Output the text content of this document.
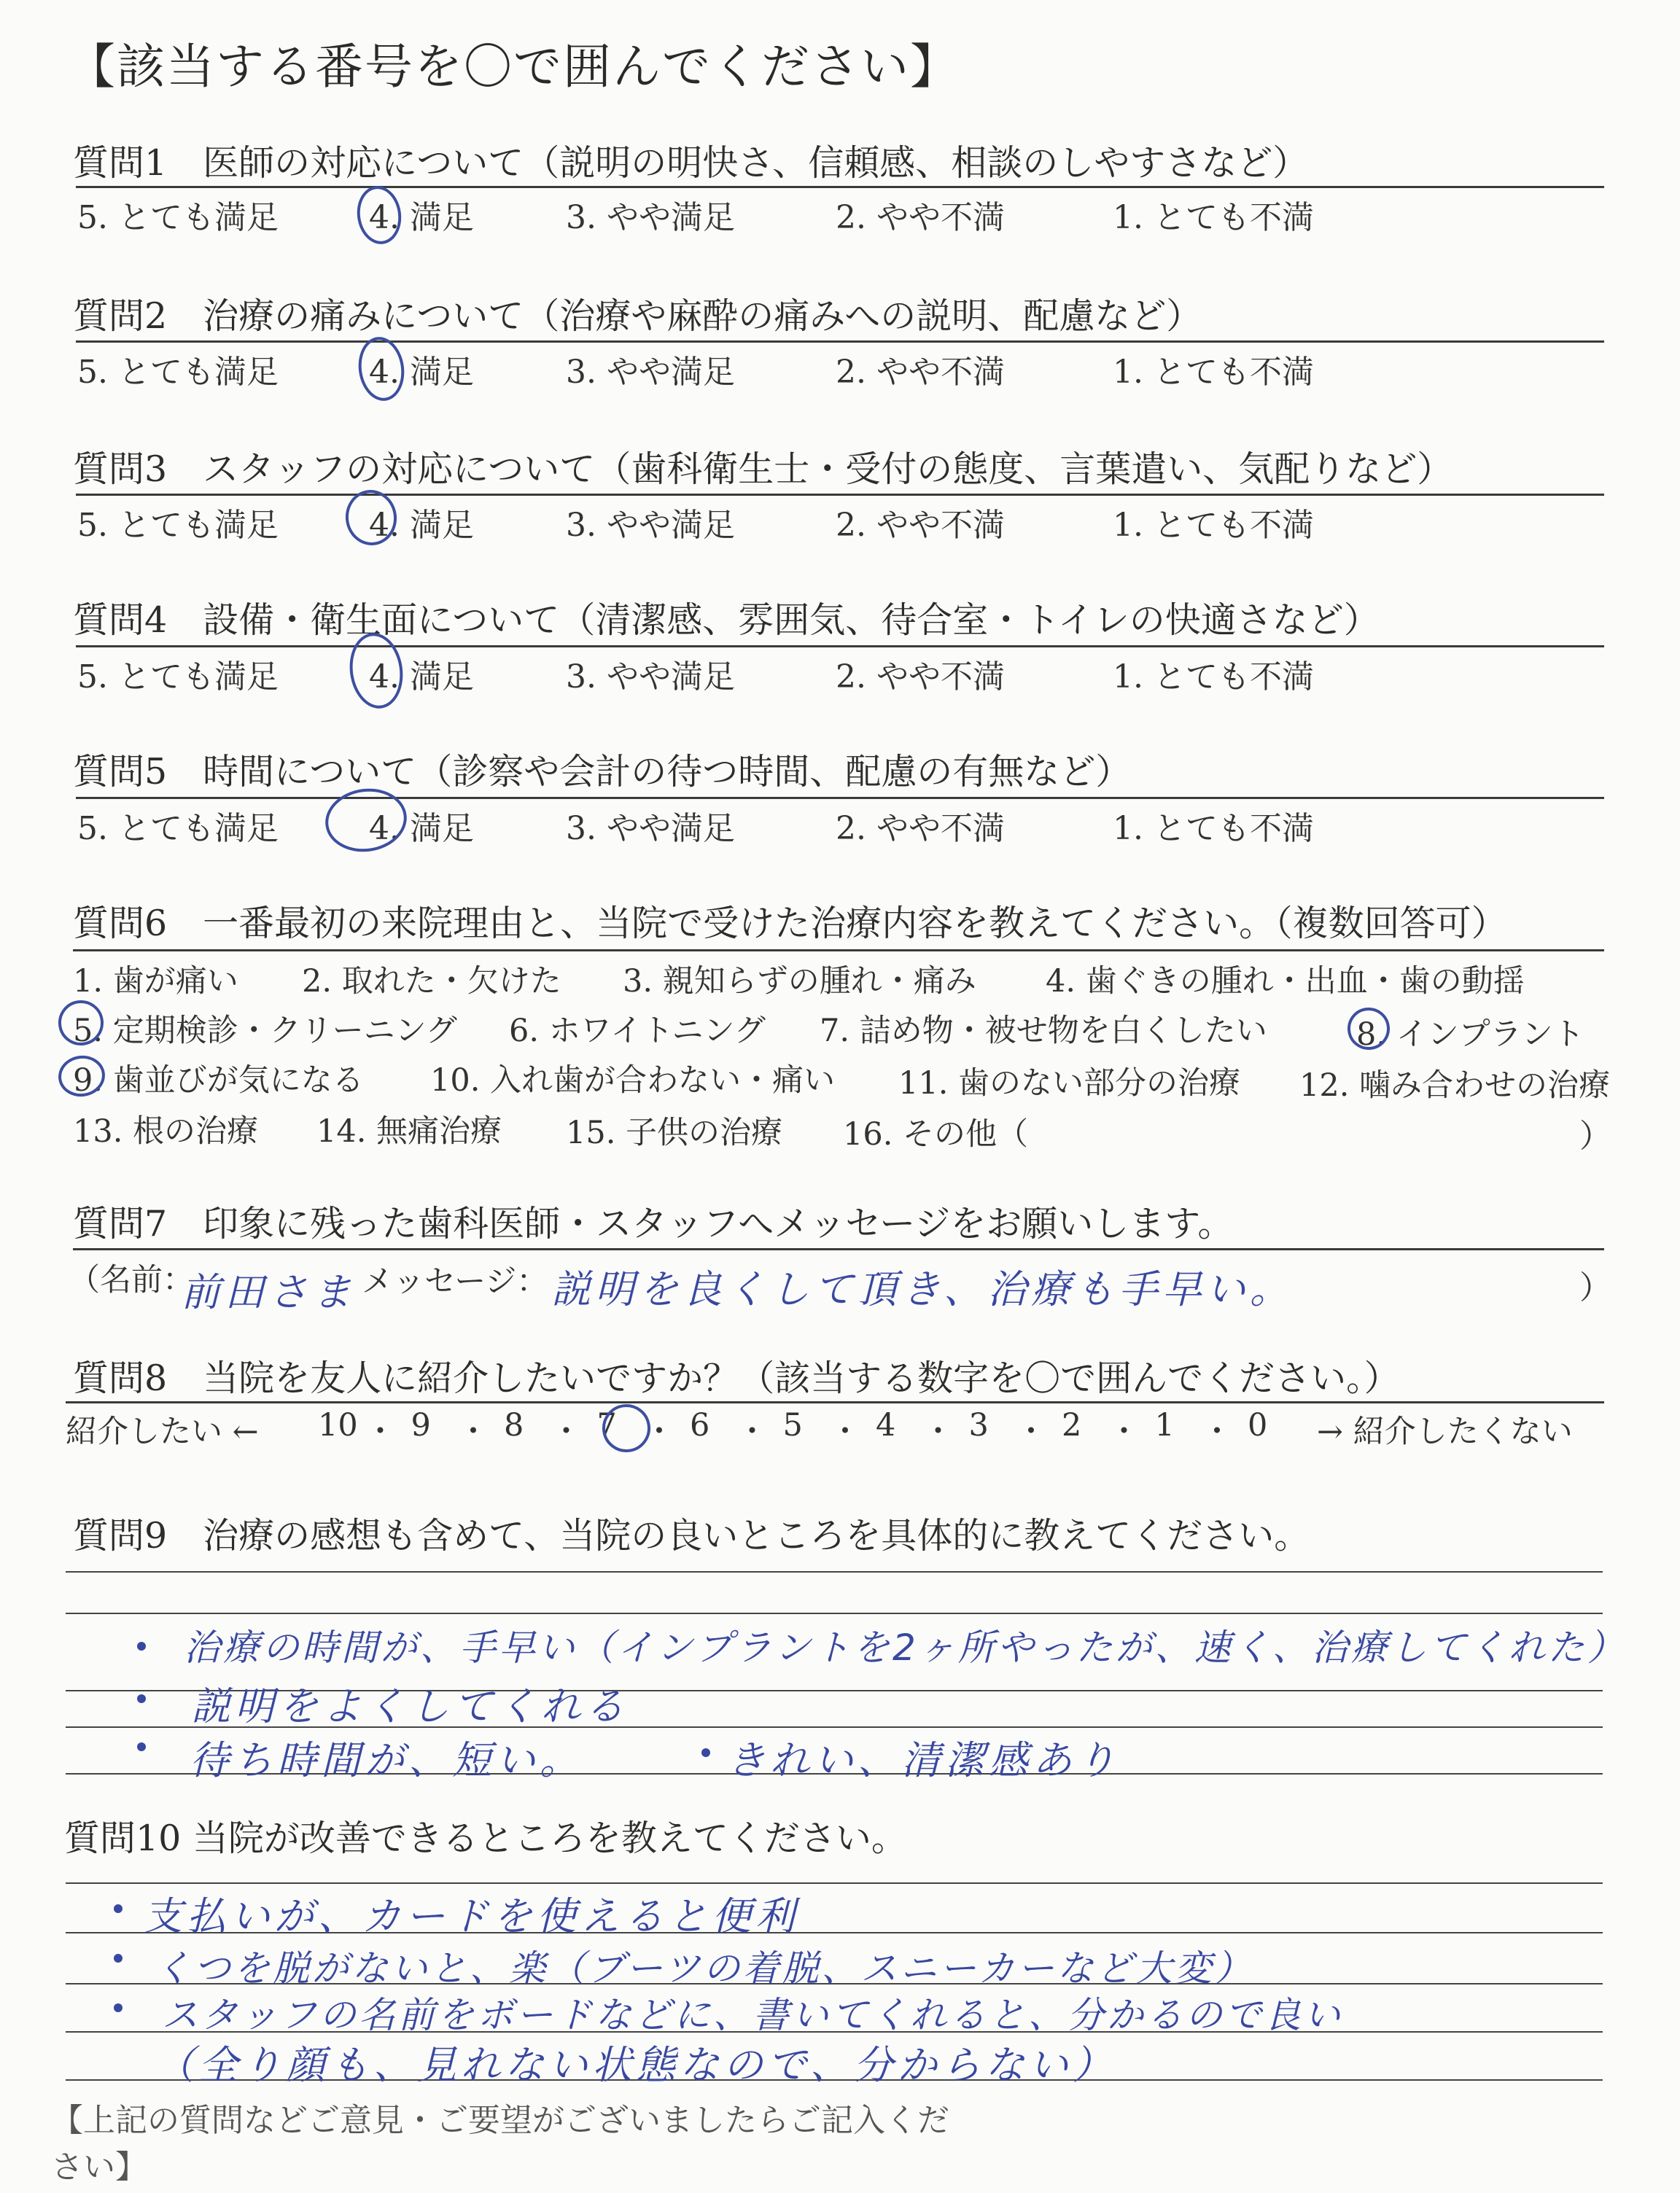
【該当する番号を〇で囲んでください】
質問1　医師の対応について（説明の明快さ、信頼感、相談のしやすさなど）
5. とても満足	4. 満足	3. やや満足	2. やや不満	1. とても不満
質問2　治療の痛みについて（治療や麻酔の痛みへの説明、配慮など）
5. とても満足	4. 満足	3. やや満足	2. やや不満	1. とても不満
質問3　スタッフの対応について（歯科衛生士・受付の態度、言葉遣い、気配りなど）
5. とても満足	4. 満足	3. やや満足	2. やや不満	1. とても不満
質問4　設備・衛生面について（清潔感、雰囲気、待合室・トイレの快適さなど）
5. とても満足	4. 満足	3. やや満足	2. やや不満	1. とても不満
質問5　時間について（診察や会計の待つ時間、配慮の有無など）
5. とても満足	4. 満足	3. やや満足	2. やや不満	1. とても不満
質問6　一番最初の来院理由と、当院で受けた治療内容を教えてください。（複数回答可）
1. 歯が痛い 2. 取れた・欠けた 3. 親知らずの腫れ・痛み 4. 歯ぐきの腫れ・出血・歯の動揺
5. 定期検診・クリーニング 6. ホワイトニング 7. 詰め物・被せ物を白くしたい	8. インプラント
9. 歯並びが気になる 10. 入れ歯が合わない・痛い 11. 歯のない部分の治療 12. 噛み合わせの治療
13. 根の治療 14. 無痛治療 15. 子供の治療 16. その他（	）
質問7　印象に残った歯科医師・スタッフへメッセージをお願いします。
（名前：
前田さま メッセージ： 説明を良くして頂き、治療も手早い。	）
質問8　当院を友人に紹介したいですか？（該当する数字を〇で囲んでください。）
紹介したい ← 10 ・ 9 ・ 8 ・ 7 ・ 6 ・ 5 ・ 4 ・ 3 ・ 2 ・ 1 ・ 0 → 紹介したくない
質問9　治療の感想も含めて、当院の良いところを具体的に教えてください。
治療の時間が、手早い（インプラントを2ヶ所やったが、速く、治療してくれた）
説明をよくしてくれる
待ち時間が、短い。	きれい、清潔感あり
質問10 当院が改善できるところを教えてください。
支払いが、カードを使えると便利
くつを脱がないと、楽（ブーツの着脱、スニーカーなど大変）
スタッフの名前をボードなどに、書いてくれると、分かるので良い
（全り顔も、見れない状態なので、分からない）
【上記の質問などご意見・ご要望がございましたらご記入ください】
